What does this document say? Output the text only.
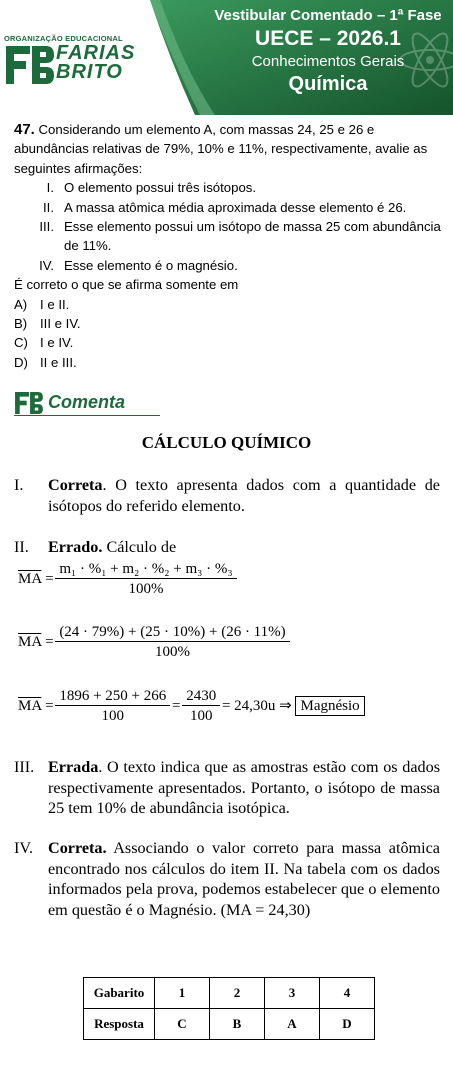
ORGANIZAÇÃO EDUCACIONAL
FARIAS
BRITO
Vestibular Comentado – 1ª Fase
UECE – 2026.1
Conhecimentos Gerais
Química
47. Considerando um elemento A, com massas 24, 25 e 26 e abundâncias relativas de 79%, 10% e 11%, respectivamente, avalie as seguintes afirmações:
I. O elemento possui três isótopos.
II. A massa atômica média aproximada desse elemento é 26.
III. Esse elemento possui um isótopo de massa 25 com abundância de 11%.
IV. Esse elemento é o magnésio.
É correto o que se afirma somente em
A) I e II.
B) III e IV.
C) I e IV.
D) II e III.
Comenta
CÁLCULO QUÍMICO
I.	Correta. O texto apresenta dados com a quantidade de isótopos do referido elemento.
II.	Errado. Cálculo de
$\overline{MA} = \frac{\text{m₁ · \%₁ + m₂ · \%₂ + m₃ · \%₃}}{100\%}$
$\overline{MA} = \frac{(24 \cdot 79\%) + (25 \cdot 10\%) + (26 \cdot 11\%)}{100\%}$
$\overline{MA} = \frac{1896 + 250 + 266}{100} = \frac{2430}{100} = 24,30u$ ⇒ Magnésio
III. Errada. O texto indica que as amostras estão com os dados respectivamente apresentados. Portanto, o isótopo de massa 25 tem 10% de abundância isotópica.
IV. Correta. Associando o valor correto para massa atômica encontrado nos cálculos do item II. Na tabela com os dados informados pela prova, podemos estabelecer que o elemento em questão é o Magnésio. (MA = 24,30)
Gabarito	1	2	3	4
Resposta	C	B	A	D
